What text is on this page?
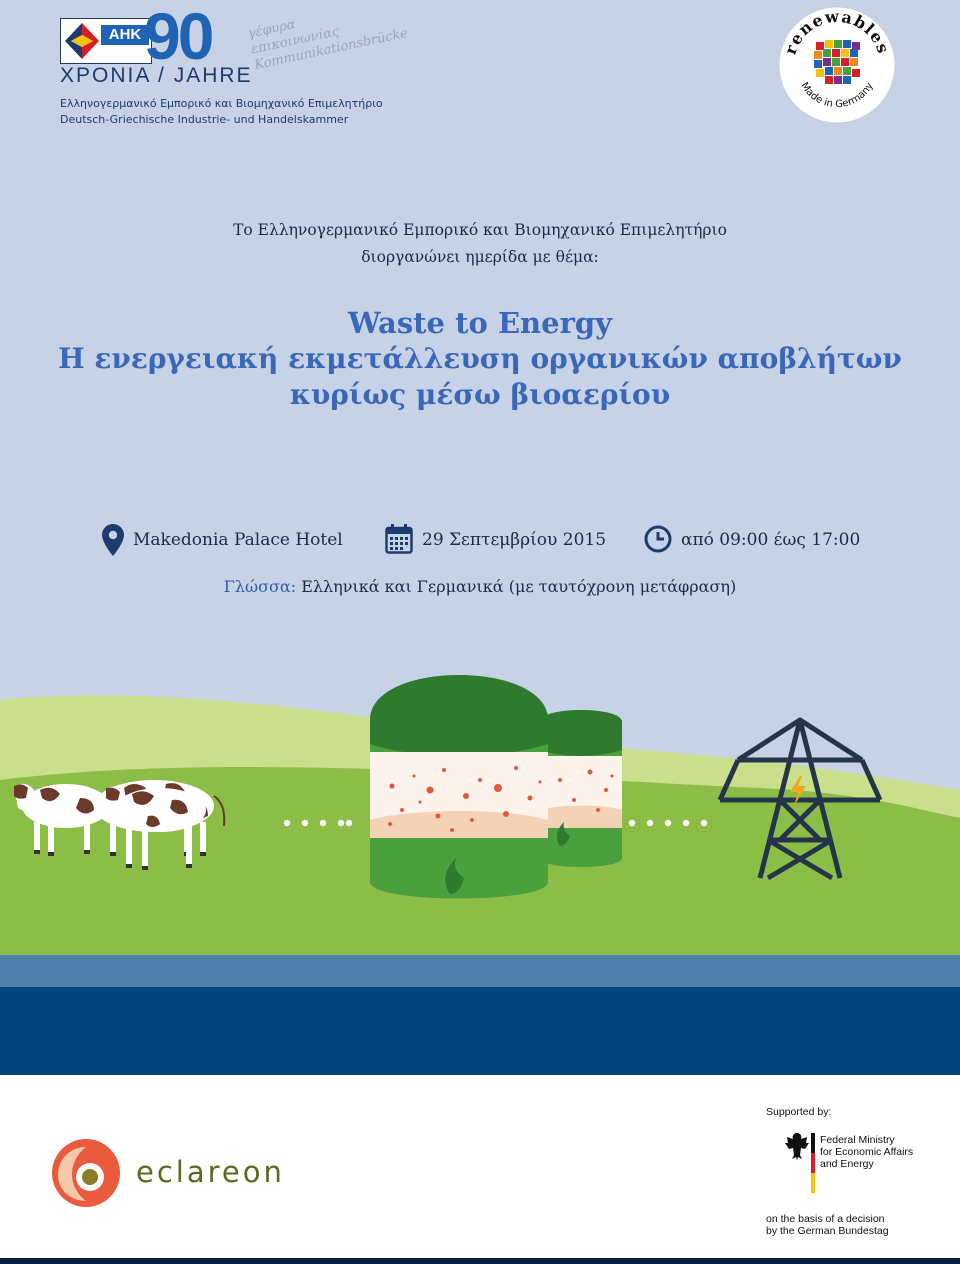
AHK 90	γέφυρα επικοινωνίας Kommunikationsbrücke
ΧΡΟΝΙΑ / JAHRE
Ελληνογερμανικό Εμπορικό και Βιομηχανικό Επιμελητήριο
Deutsch-Griechische Industrie- und Handelskammer
renewables
Made in Germany
Το Ελληνογερμανικό Εμπορικό και Βιομηχανικό Επιμελητήριο
διοργανώνει ημερίδα με θέμα:
Waste to Energy
Η ενεργειακή εκμετάλλευση οργανικών αποβλήτων
κυρίως μέσω βιοαερίου
Makedonia Palace Hotel	29 Σεπτεμβρίου 2015	από 09:00 έως 17:00
Γλώσσα: Ελληνικά και Γερμανικά (με ταυτόχρονη μετάφραση)
eclareon
Supported by:
Federal Ministry
for Economic Affairs
and Energy
on the basis of a decision
by the German Bundestag
